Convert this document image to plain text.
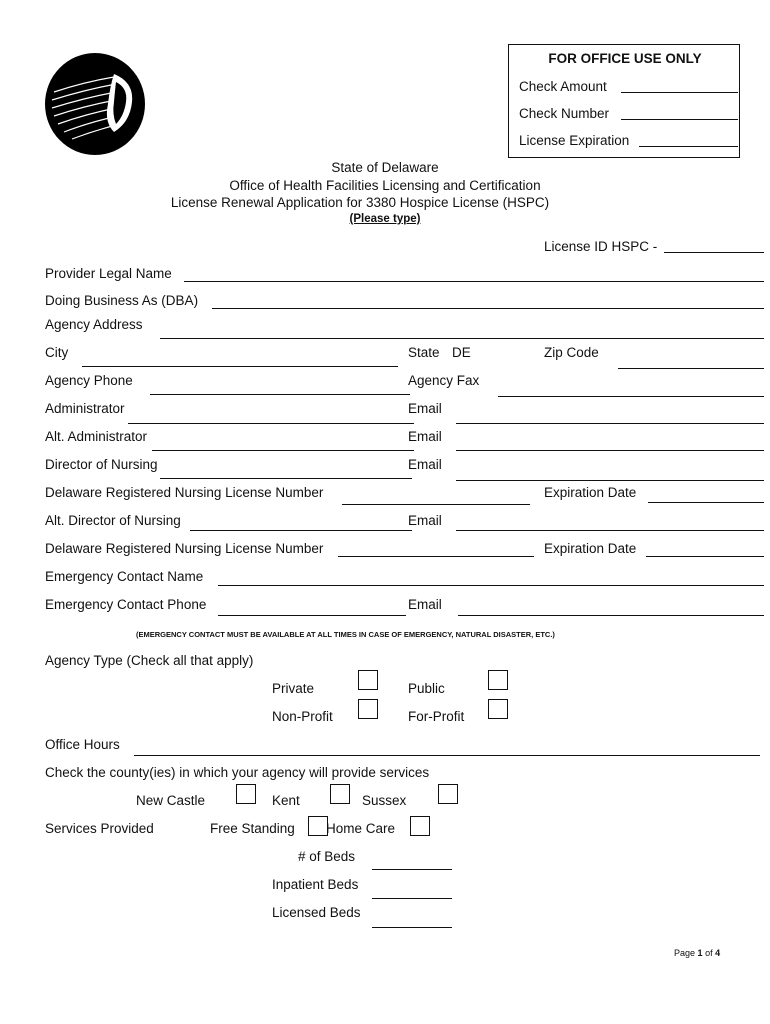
FOR OFFICE USE ONLY
Check Amount
Check Number
License Expiration
State of Delaware
Office of Health Facilities Licensing and Certification
License Renewal Application for 3380 Hospice License (HSPC)
(Please type)
License ID HSPC -
Provider Legal Name
Doing Business As (DBA)
Agency Address
City	State DE	Zip Code
Agency Phone	Agency Fax
Administrator	Email
Alt. Administrator	Email
Director of Nursing	Email
Delaware Registered Nursing License Number	Expiration Date
Alt. Director of Nursing	Email
Delaware Registered Nursing License Number	Expiration Date
Emergency Contact Name
Emergency Contact Phone	Email
(EMERGENCY CONTACT MUST BE AVAILABLE AT ALL TIMES IN CASE OF EMERGENCY, NATURAL DISASTER, ETC.)
Agency Type (Check all that apply)
Private	Public
Non-Profit	For-Profit
Office Hours
Check the county(ies) in which your agency will provide services
New Castle	Kent	Sussex
Services Provided	Free Standing Home Care
# of Beds
Inpatient Beds
Licensed Beds
Page 1 of 4
